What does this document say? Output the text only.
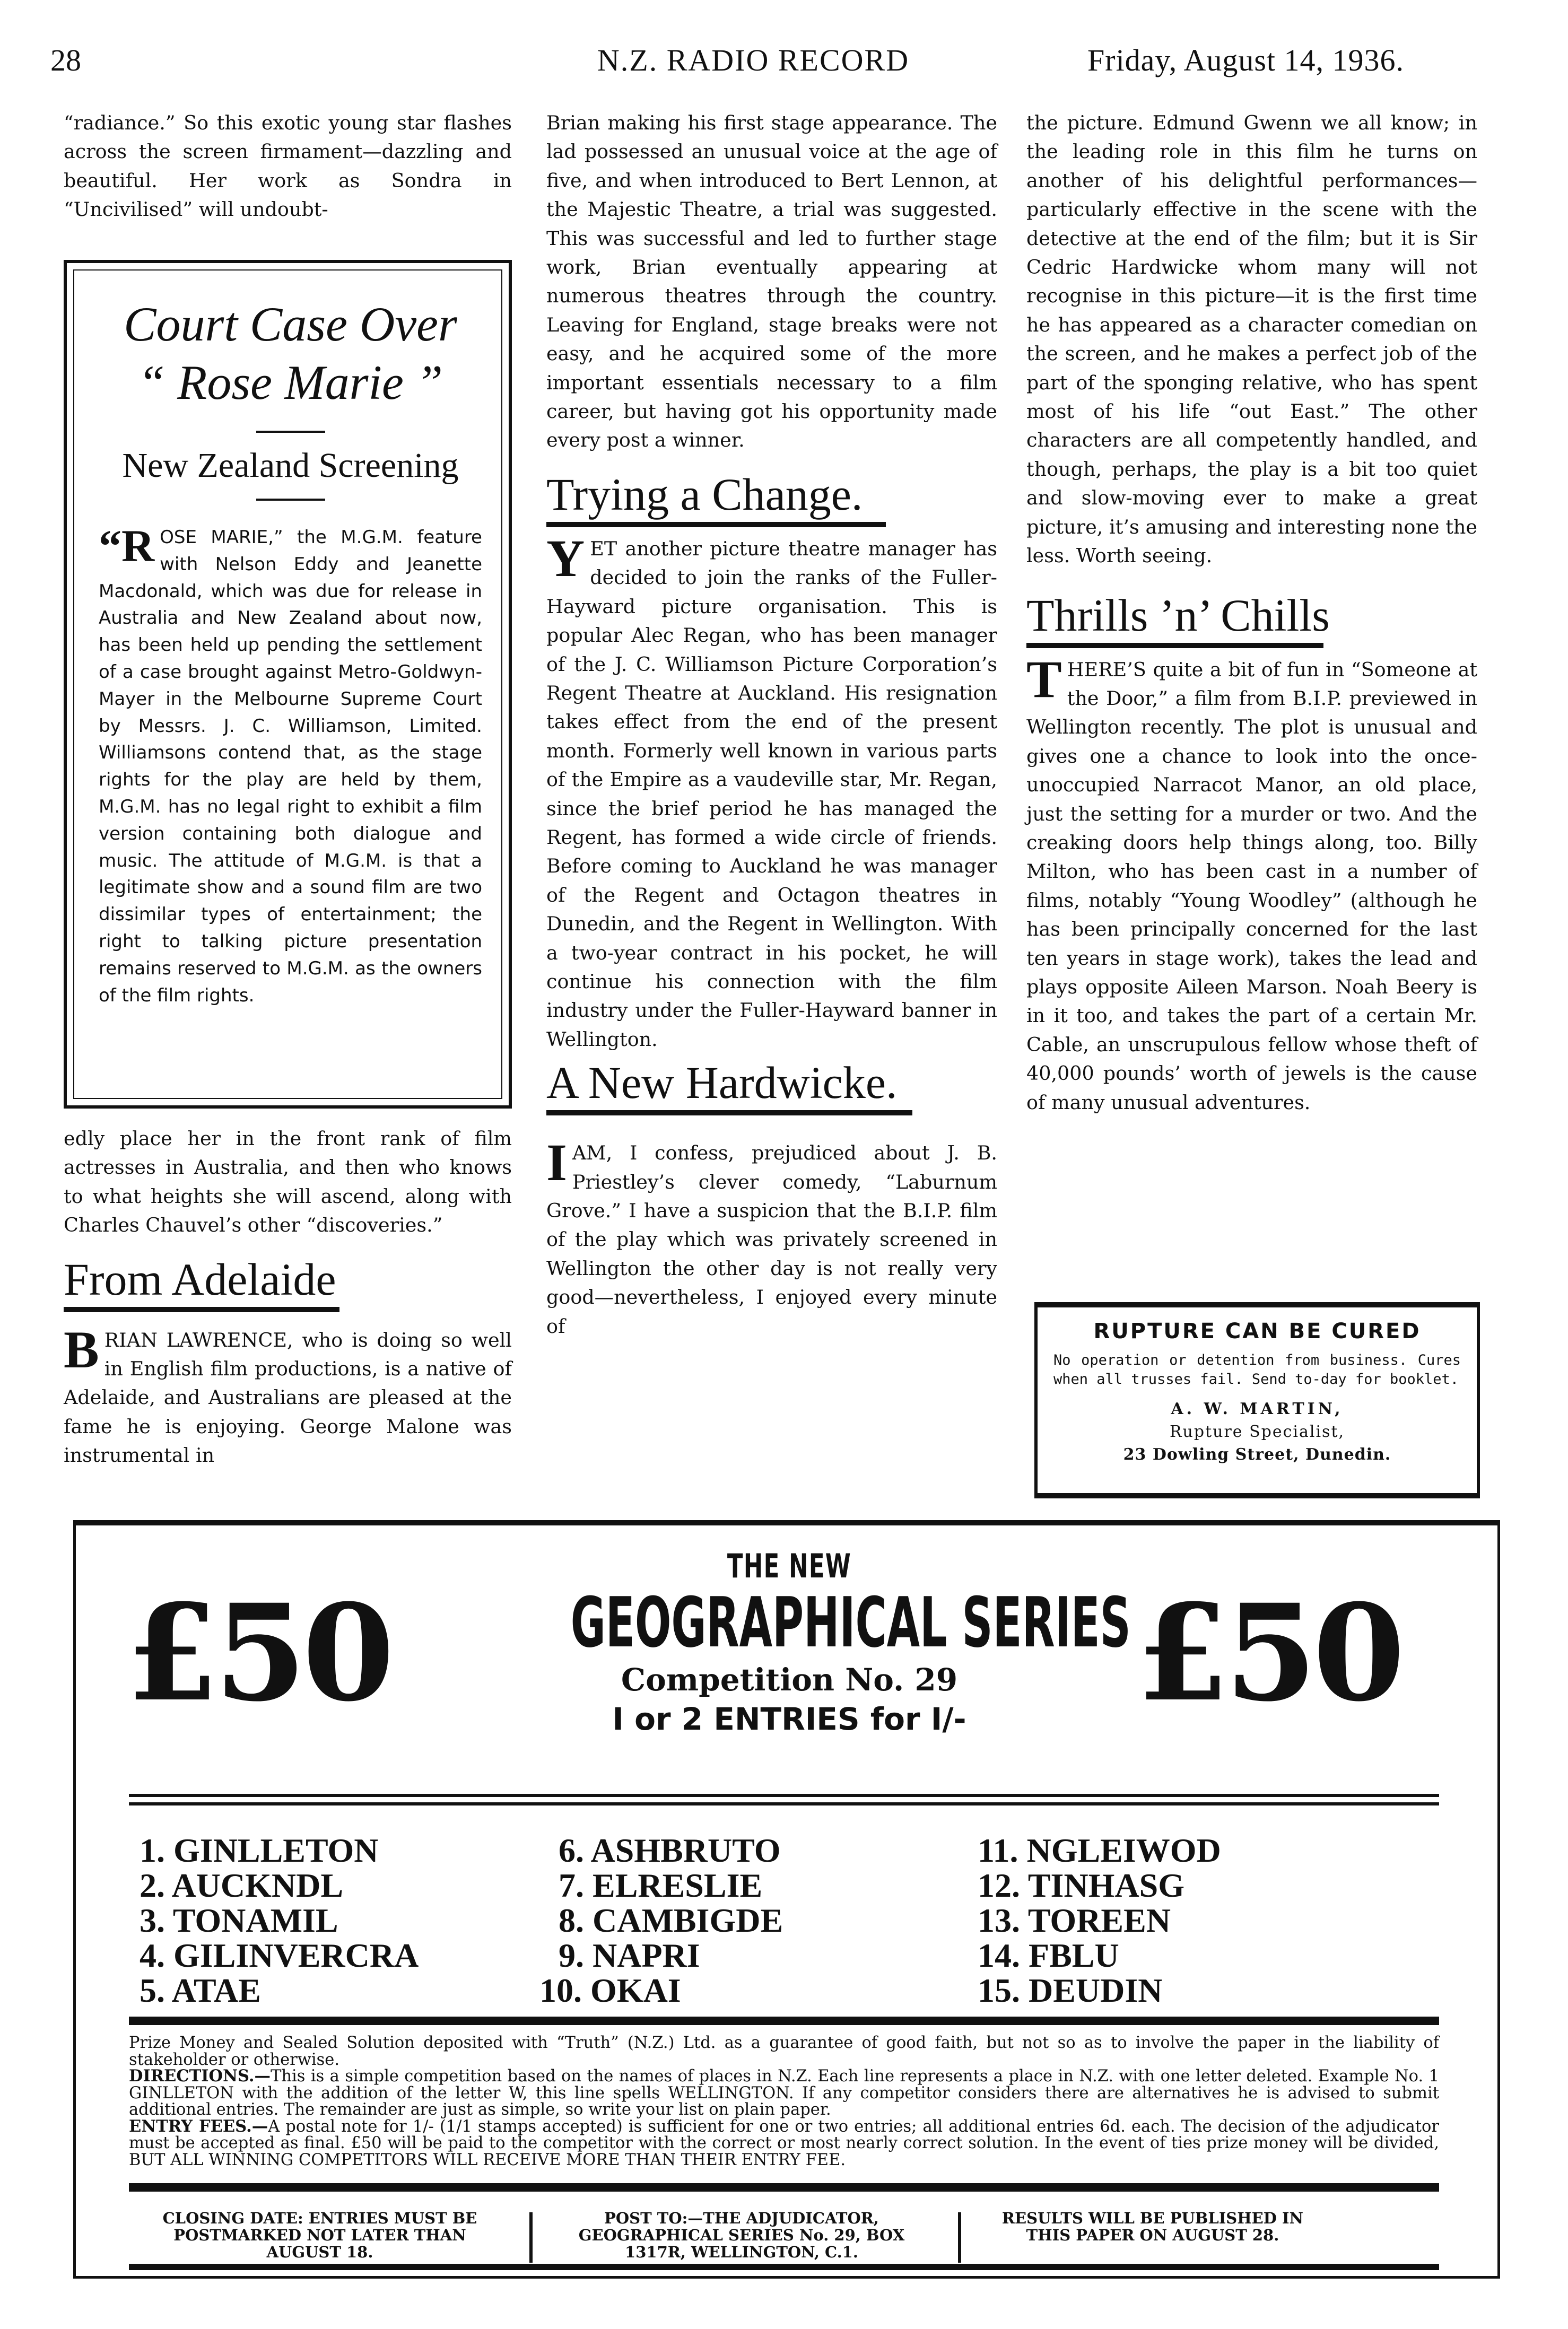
28	N.Z. RADIO RECORD	Friday, August 14, 1936.

“radiance.” So this exotic young star flashes across the screen firmament—dazzling and beautiful. Her work as Sondra in “Uncivilised” will undoubt-

Court Case Over
“ Rose Marie ”
New Zealand Screening
“ROSE MARIE,” the M.G.M. feature with Nelson Eddy and Jeanette Macdonald, which was due for release in Australia and New Zealand about now, has been held up pending the settlement of a case brought against Metro-Goldwyn-Mayer in the Melbourne Supreme Court by Messrs. J. C. Williamson, Limited. Williamsons contend that, as the stage rights for the play are held by them, M.G.M. has no legal right to exhibit a film version containing both dialogue and music. The attitude of M.G.M. is that a legitimate show and a sound film are two dissimilar types of entertainment; the right to talking picture presentation remains reserved to M.G.M. as the owners of the film rights.

edly place her in the front rank of film actresses in Australia, and then who knows to what heights she will ascend, along with Charles Chauvel’s other “discoveries.”

From Adelaide

BRIAN LAWRENCE, who is doing so well in English film productions, is a native of Adelaide, and Australians are pleased at the fame he is enjoying. George Malone was instrumental in

Brian making his first stage appearance. The lad possessed an unusual voice at the age of five, and when introduced to Bert Lennon, at the Majestic Theatre, a trial was suggested. This was successful and led to further stage work, Brian eventually appearing at numerous theatres through the country. Leaving for England, stage breaks were not easy, and he acquired some of the more important essentials necessary to a film career, but having got his opportunity made every post a winner.

Trying a Change.

YET another picture theatre manager has decided to join the ranks of the Fuller-Hayward picture organisation. This is popular Alec Regan, who has been manager of the J. C. Williamson Picture Corporation’s Regent Theatre at Auckland. His resignation takes effect from the end of the present month. Formerly well known in various parts of the Empire as a vaudeville star, Mr. Regan, since the brief period he has managed the Regent, has formed a wide circle of friends. Before coming to Auckland he was manager of the Regent and Octagon theatres in Dunedin, and the Regent in Wellington. With a two-year contract in his pocket, he will continue his connection with the film industry under the Fuller-Hayward banner in Wellington.

A New Hardwicke.

IAM, I confess, prejudiced about J. B. Priestley’s clever comedy, “Laburnum Grove.” I have a suspicion that the B.I.P. film of the play which was privately screened in Wellington the other day is not really very good—nevertheless, I enjoyed every minute of

the picture. Edmund Gwenn we all know; in the leading role in this film he turns on another of his delightful performances—particularly effective in the scene with the detective at the end of the film; but it is Sir Cedric Hardwicke whom many will not recognise in this picture—it is the first time he has appeared as a character comedian on the screen, and he makes a perfect job of the part of the sponging relative, who has spent most of his life “out East.” The other characters are all competently handled, and though, perhaps, the play is a bit too quiet and slow-moving ever to make a great picture, it’s amusing and interesting none the less. Worth seeing.

Thrills ’n’ Chills

THERE’S quite a bit of fun in “Someone at the Door,” a film from B.I.P. previewed in Wellington recently. The plot is unusual and gives one a chance to look into the once-unoccupied Narracot Manor, an old place, just the setting for a murder or two. And the creaking doors help things along, too. Billy Milton, who has been cast in a number of films, notably “Young Woodley” (although he has been principally concerned for the last ten years in stage work), takes the lead and plays opposite Aileen Marson. Noah Beery is in it too, and takes the part of a certain Mr. Cable, an unscrupulous fellow whose theft of 40,000 pounds’ worth of jewels is the cause of many unusual adventures.

RUPTURE CAN BE CURED
No operation or detention from business. Cures when all trusses fail. Send to-day for booklet.
A. W. MARTIN,
Rupture Specialist,
23 Dowling Street, Dunedin.
£50	£50
THE NEW
GEOGRAPHICAL SERIES
Competition No. 29
I or 2 ENTRIES for I/-
1. GINLLETON
2. AUCKNDL
3. TONAMIL
4. GILINVERCRA
5. ATAE
6. ASHBRUTO
7. ELRESLIE
8. CAMBIGDE
9. NAPRI
10. OKAI
11. NGLEIWOD
12. TINHASG
13. TOREEN
14. FBLU
15. DEUDIN

Prize Money and Sealed Solution deposited with “Truth” (N.Z.) Ltd. as a guarantee of good faith, but not so as to involve the paper in the liability of stakeholder or otherwise.

DIRECTIONS.—This is a simple competition based on the names of places in N.Z. Each line represents a place in N.Z. with one letter deleted. Example No. 1 GINLLETON with the addition of the letter W, this line spells WELLINGTON. If any competitor considers there are alternatives he is advised to submit additional entries. The remainder are just as simple, so write your list on plain paper.

ENTRY FEES.—A postal note for 1/- (1/1 stamps accepted) is sufficient for one or two entries; all additional entries 6d. each. The decision of the adjudicator must be accepted as final. £50 will be paid to the competitor with the correct or most nearly correct solution. In the event of ties prize money will be divided, BUT ALL WINNING COMPETITORS WILL RECEIVE MORE THAN THEIR ENTRY FEE.

CLOSING DATE: ENTRIES MUST BE POSTMARKED NOT LATER THAN AUGUST 18.
POST TO:—THE ADJUDICATOR, GEOGRAPHICAL SERIES No. 29, BOX 1317R, WELLINGTON, C.1.
RESULTS WILL BE PUBLISHED IN THIS PAPER ON AUGUST 28.
